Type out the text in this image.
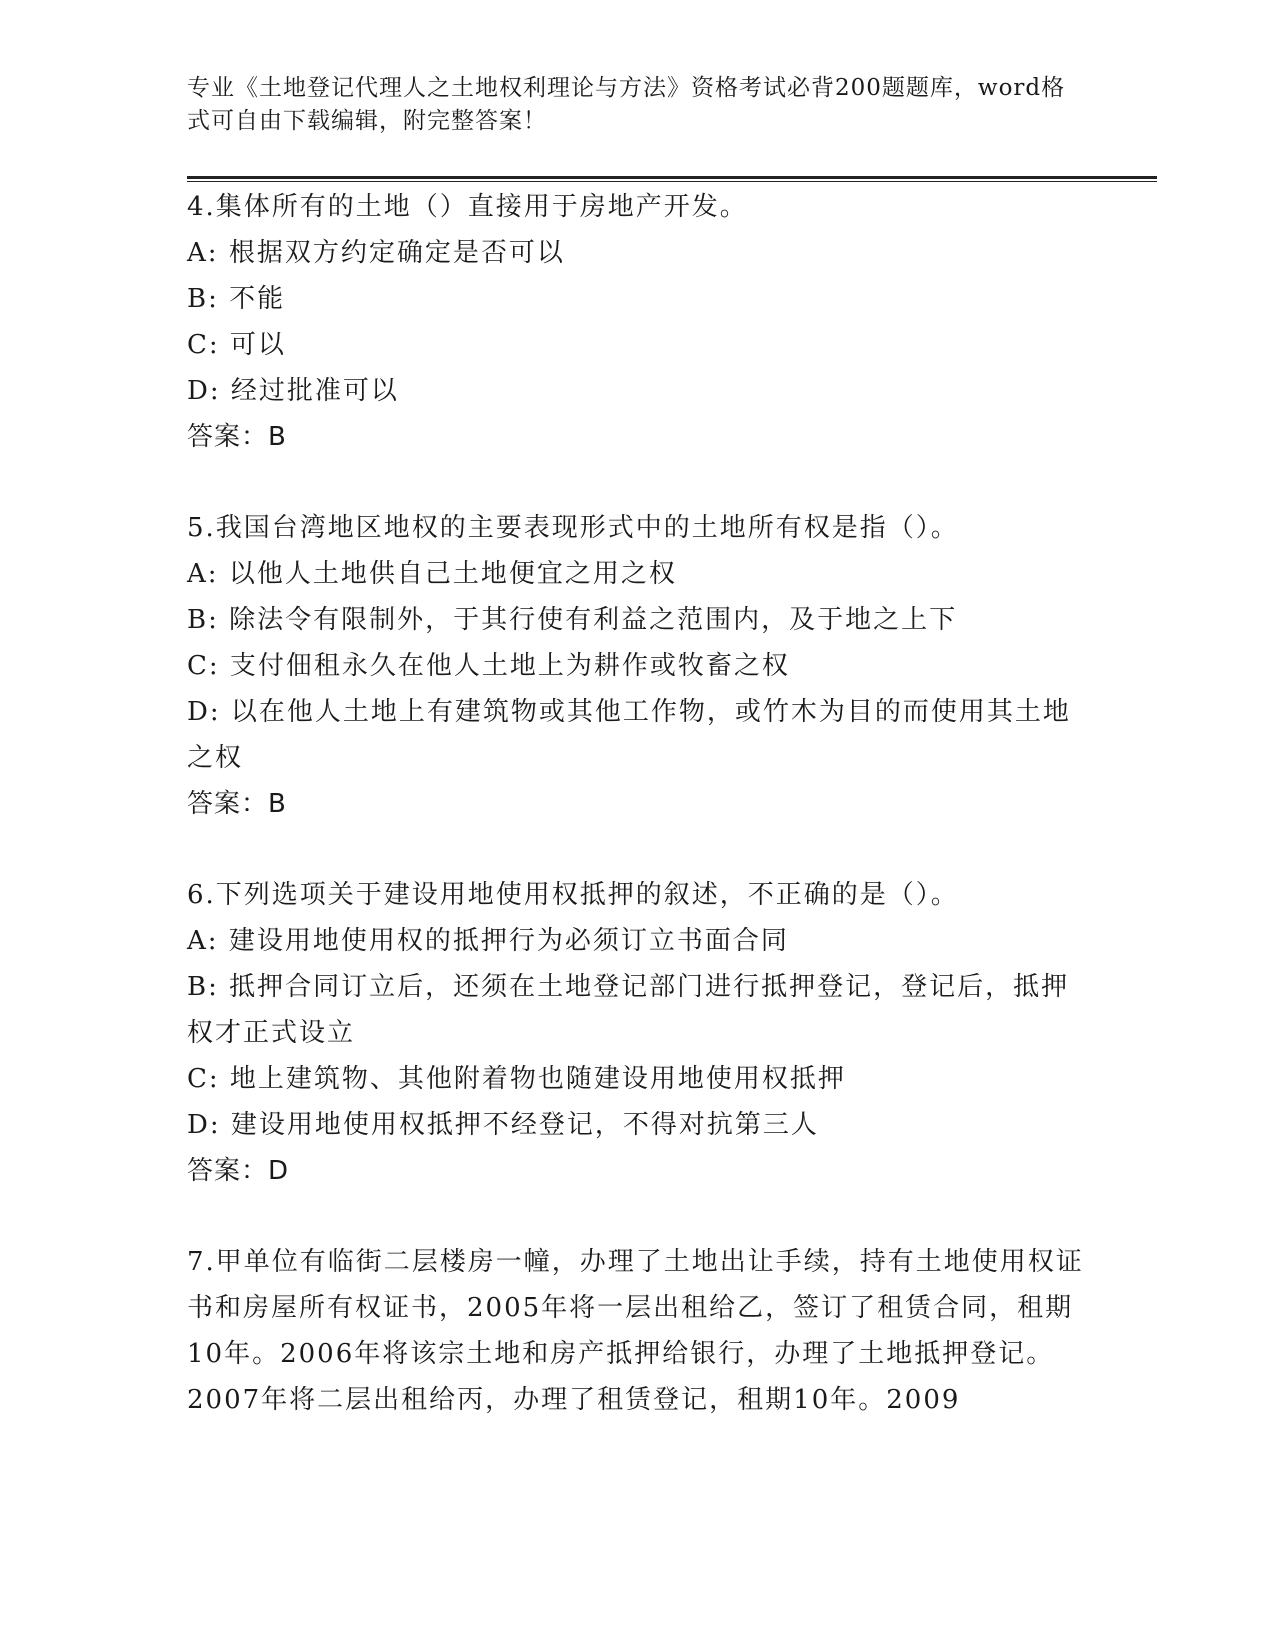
专业《土地登记代理人之土地权利理论与方法》资格考试必背200题题库，word格式可自由下载编辑，附完整答案！
4.集体所有的土地（）直接用于房地产开发。
A: 根据双方约定确定是否可以
B: 不能
C: 可以
D: 经过批准可以
答案：B
5.我国台湾地区地权的主要表现形式中的土地所有权是指（）。
A: 以他人土地供自己土地便宜之用之权
B: 除法令有限制外，于其行使有利益之范围内，及于地之上下
C: 支付佃租永久在他人土地上为耕作或牧畜之权
D: 以在他人土地上有建筑物或其他工作物，或竹木为目的而使用其土地之权
答案：B
6.下列选项关于建设用地使用权抵押的叙述，不正确的是（）。
A: 建设用地使用权的抵押行为必须订立书面合同
B: 抵押合同订立后，还须在土地登记部门进行抵押登记，登记后，抵押权才正式设立
C: 地上建筑物、其他附着物也随建设用地使用权抵押
D: 建设用地使用权抵押不经登记，不得对抗第三人
答案：D
7.甲单位有临街二层楼房一幢，办理了土地出让手续，持有土地使用权证书和房屋所有权证书，2005年将一层出租给乙，签订了租赁合同，租期10年。2006年将该宗土地和房产抵押给银行，办理了土地抵押登记。2007年将二层出租给丙，办理了租赁登记，租期10年。2009
